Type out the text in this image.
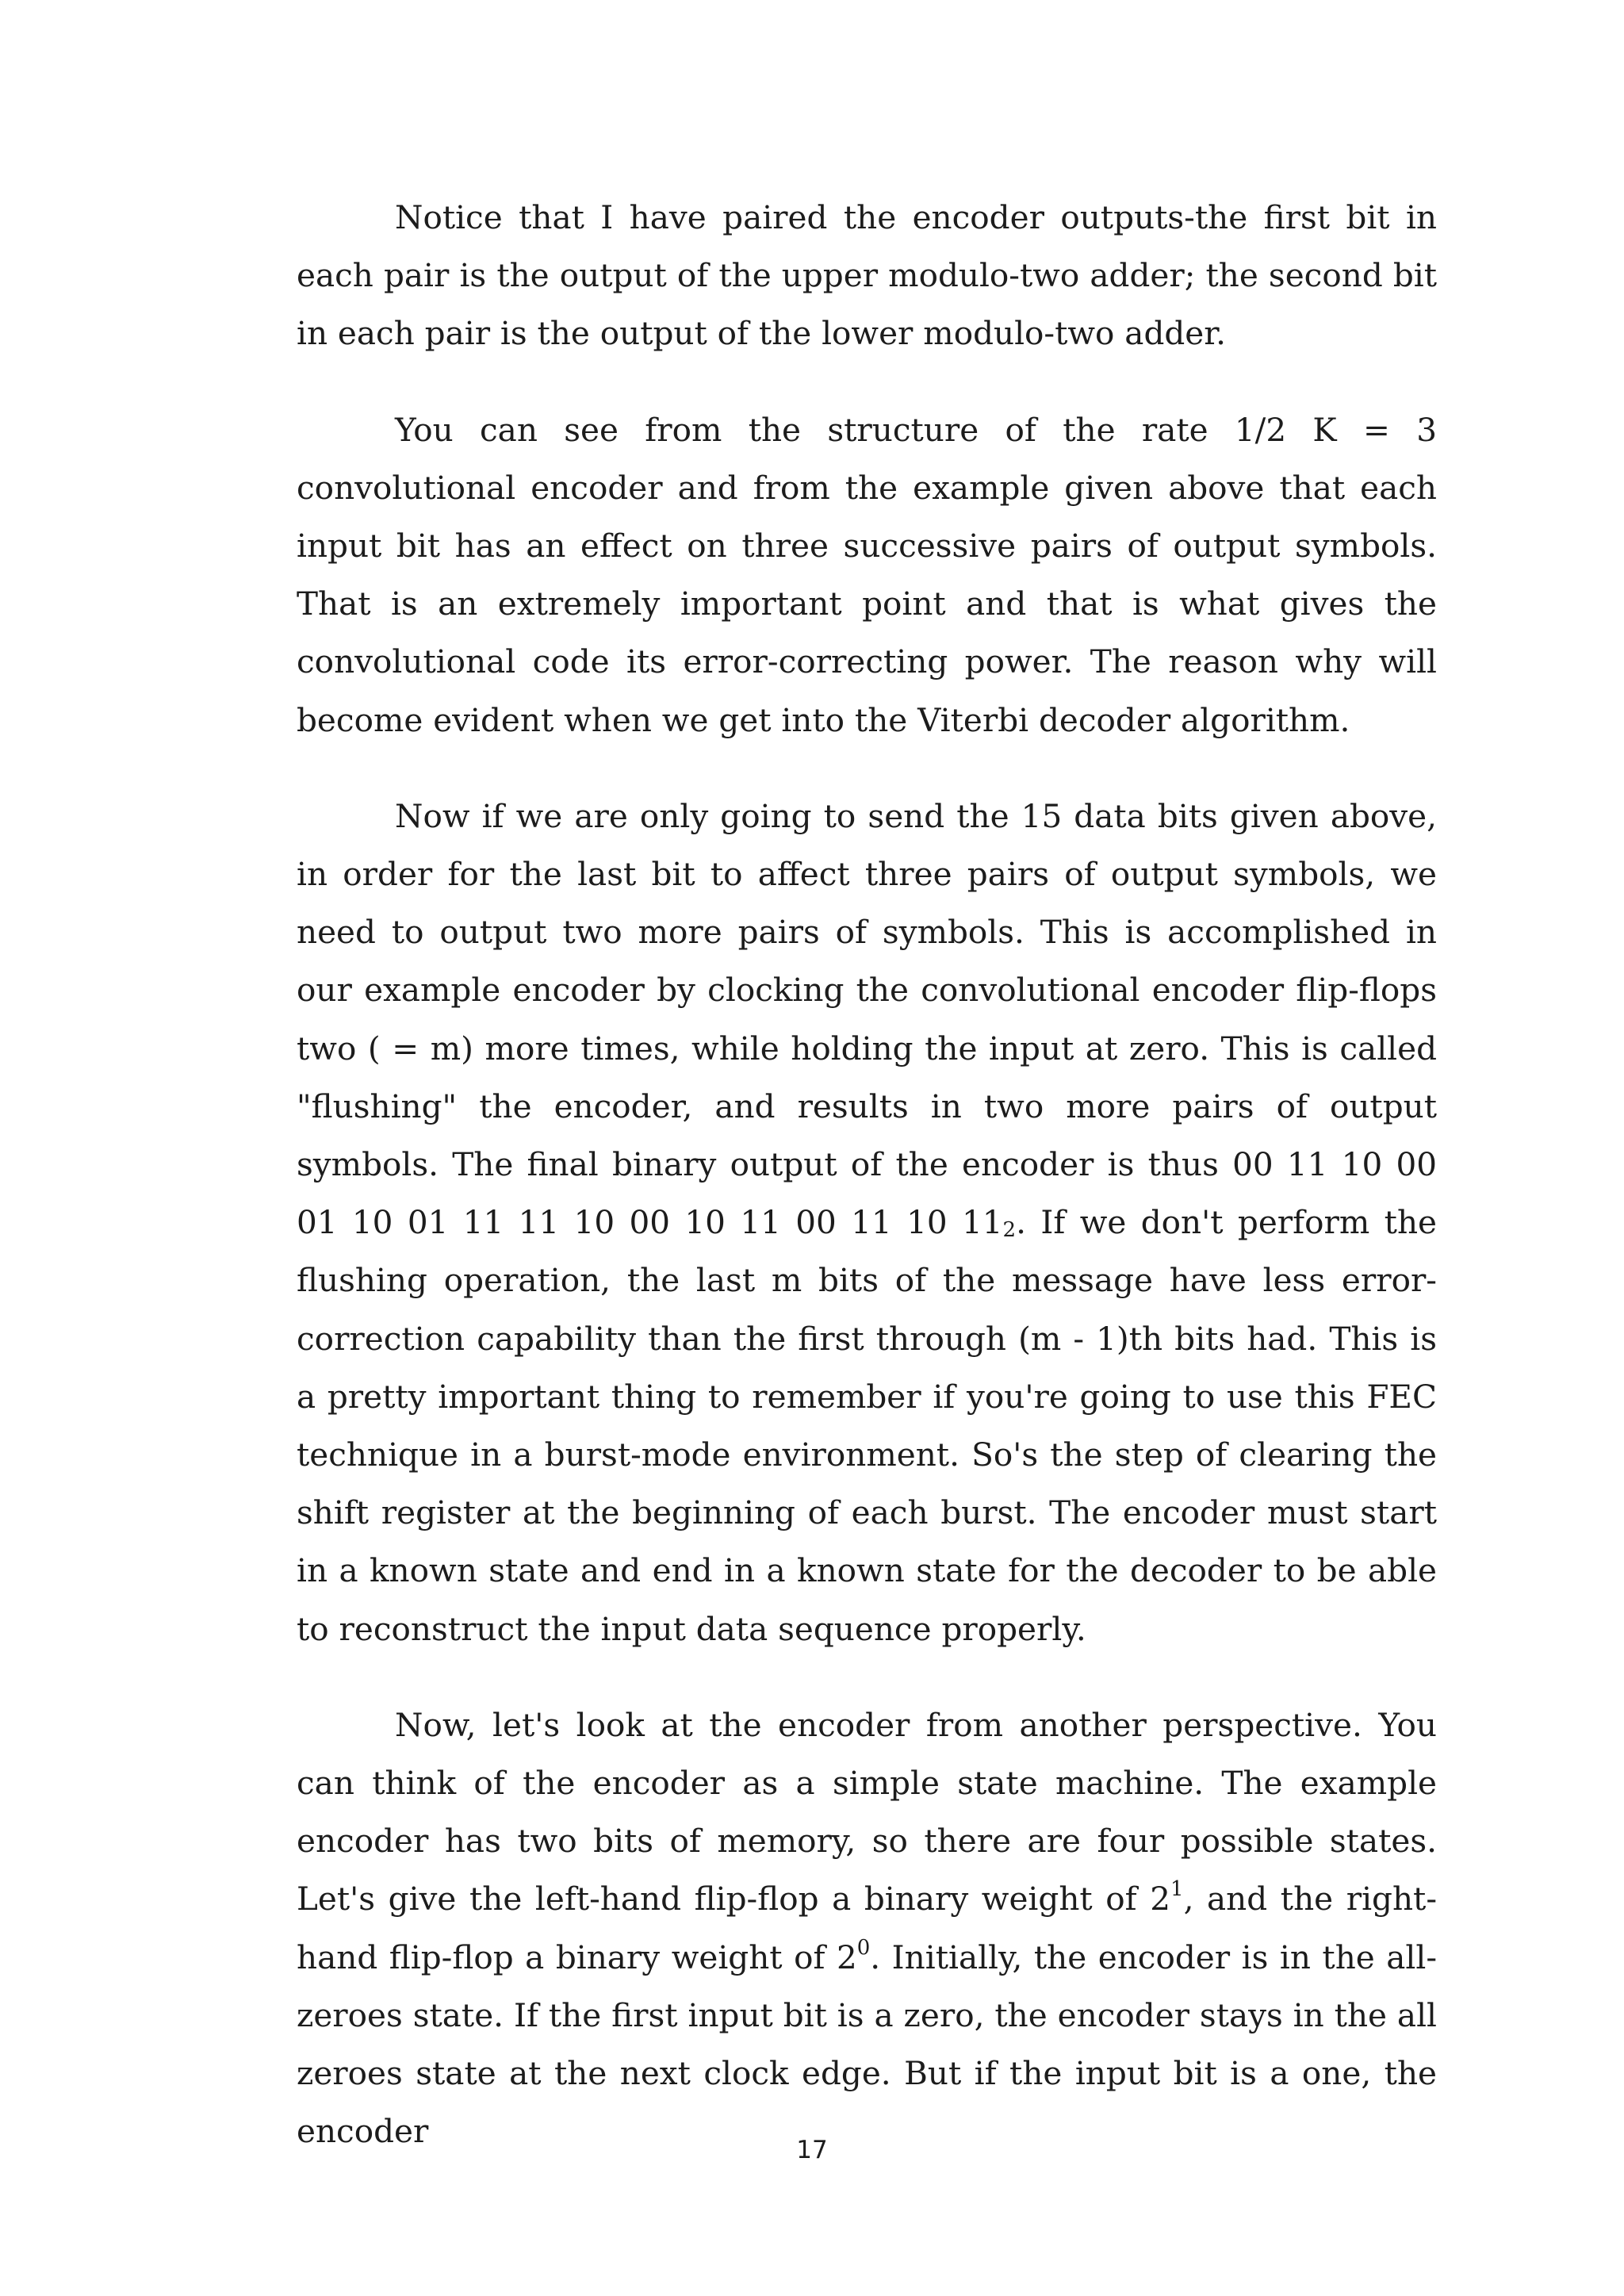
Notice that I have paired the encoder outputs-the first bit in each pair is the output of the upper modulo-two adder; the second bit in each pair is the output of the lower modulo-two adder.

You can see from the structure of the rate 1/2 K = 3 convolutional encoder and from the example given above that each input bit has an effect on three successive pairs of output symbols. That is an extremely important point and that is what gives the convolutional code its error-correcting power. The reason why will become evident when we get into the Viterbi decoder algorithm.

Now if we are only going to send the 15 data bits given above, in order for the last bit to affect three pairs of output symbols, we need to output two more pairs of symbols. This is accomplished in our example encoder by clocking the convolutional encoder flip-flops two ( = m) more times, while holding the input at zero. This is called "flushing" the encoder, and results in two more pairs of output symbols. The final binary output of the encoder is thus 00 11 10 00 01 10 01 11 11 10 00 10 11 00 11 10 $11_2$. If we don't perform the flushing operation, the last m bits of the message have less error-correction capability than the first through (m - 1)th bits had. This is a pretty important thing to remember if you're going to use this FEC technique in a burst-mode environment. So's the step of clearing the shift register at the beginning of each burst. The encoder must start in a known state and end in a known state for the decoder to be able to reconstruct the input data sequence properly.

Now, let's look at the encoder from another perspective. You can think of the encoder as a simple state machine. The example encoder has two bits of memory, so there are four possible states. Let's give the left-hand flip-flop a binary weight of $2^1$, and the right-hand flip-flop a binary weight of $2^0$. Initially, the encoder is in the all-zeroes state. If the first input bit is a zero, the encoder stays in the all zeroes state at the next clock edge. But if the input bit is a one, the encoder	17
